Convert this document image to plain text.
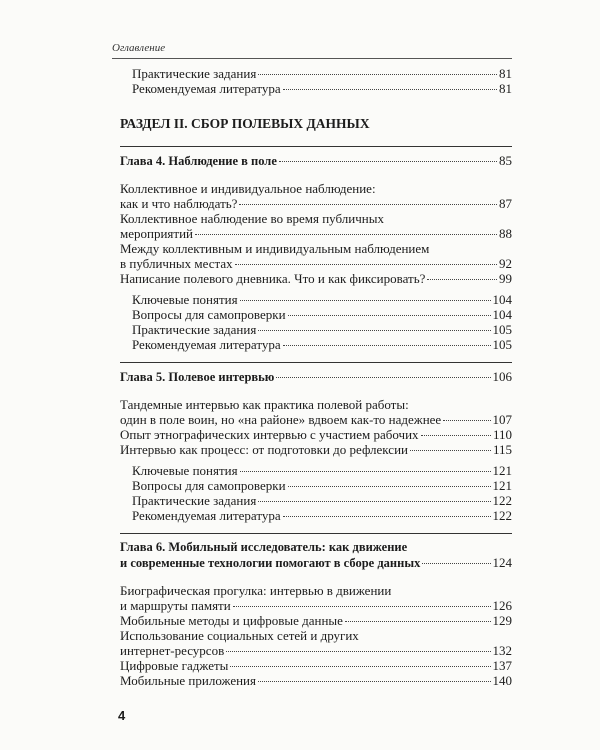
Оглавление
Практические задания	81
Рекомендуемая литература	81
РАЗДЕЛ II. СБОР ПОЛЕВЫХ ДАННЫХ
Глава 4. Наблюдение в поле	85
Коллективное и индивидуальное наблюдение:
как и что наблюдать?	87
Коллективное наблюдение во время публичных
мероприятий	88
Между коллективным и индивидуальным наблюдением
в публичных местах	92
Написание полевого дневника. Что и как фиксировать?	99
Ключевые понятия	104
Вопросы для самопроверки	104
Практические задания	105
Рекомендуемая литература	105
Глава 5. Полевое интервью	106
Тандемные интервью как практика полевой работы:
один в поле воин, но «на районе» вдвоем как-то надежнее	107
Опыт этнографических интервью с участием рабочих	110
Интервью как процесс: от подготовки до рефлексии	115
Ключевые понятия	121
Вопросы для самопроверки	121
Практические задания	122
Рекомендуемая литература	122
Глава 6. Мобильный исследователь: как движение
и современные технологии помогают в сборе данных	124
Биографическая прогулка: интервью в движении
и маршруты памяти	126
Мобильные методы и цифровые данные	129
Использование социальных сетей и других
интернет-ресурсов	132
Цифровые гаджеты	137
Мобильные приложения	140
4
